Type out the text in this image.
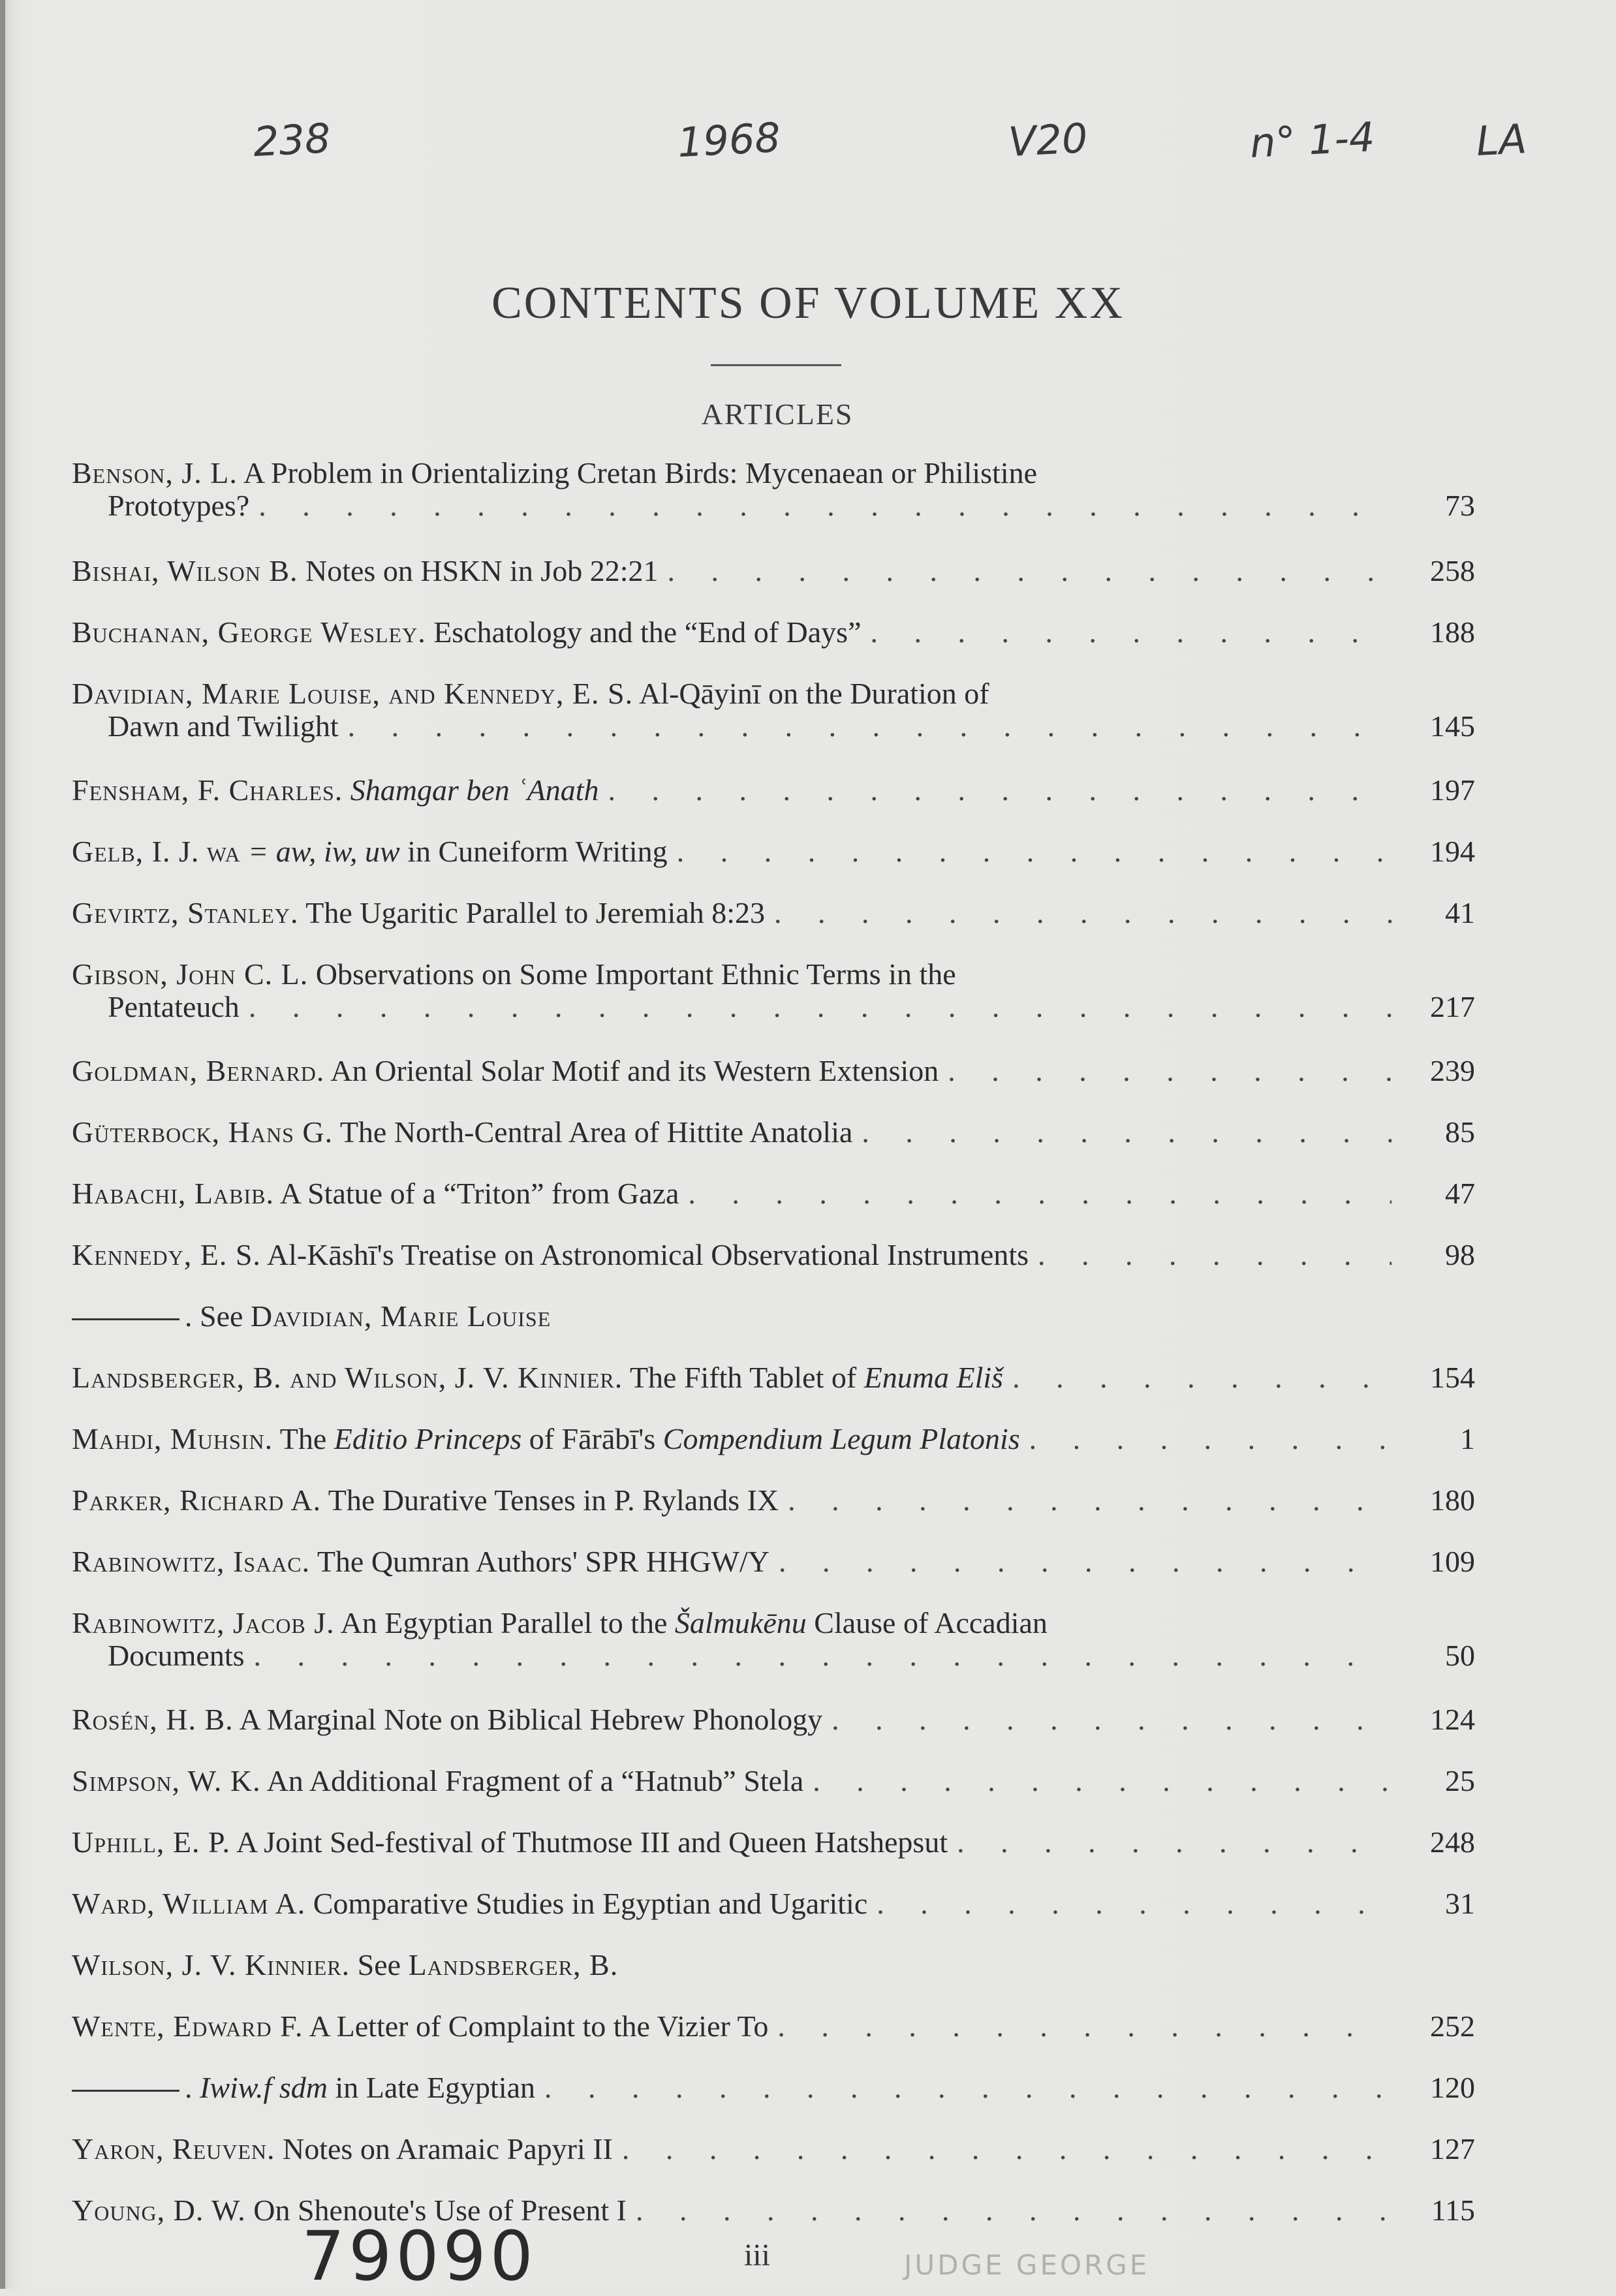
238	1968	V20	n° 1-4 LA
CONTENTS OF VOLUME XX
ARTICLES
Benson, J. L. A Problem in Orientalizing Cretan Birds: Mycenaean or Philistine
Prototypes? . . .	73
Bishai, Wilson B. Notes on HSKN in Job 22:21 . . .	258
Buchanan, George Wesley. Eschatology and the “End of Days” . . .	188
Davidian, Marie Louise, and Kennedy, E. S. Al-Qāyinī on the Duration of
Dawn and Twilight . . .	145
Fensham, F. Charles. Shamgar ben ʿAnath . . .	197
Gelb, I. J. wa = aw, iw, uw in Cuneiform Writing . . .	194
Gevirtz, Stanley. The Ugaritic Parallel to Jeremiah 8:23 . . .	41
Gibson, John C. L. Observations on Some Important Ethnic Terms in the
Pentateuch . . .	217
Goldman, Bernard. An Oriental Solar Motif and its Western Extension . . .	239
Güterbock, Hans G. The North-Central Area of Hittite Anatolia . . .	85
Habachi, Labib. A Statue of a “Triton” from Gaza . . .	47
Kennedy, E. S. Al-Kāshī's Treatise on Astronomical Observational Instruments . . .	98
. See Davidian, Marie Louise
Landsberger, B. and Wilson, J. V. Kinnier. The Fifth Tablet of Enuma Eliš . . .	154
Mahdi, Muhsin. The Editio Princeps of Fārābī's Compendium Legum Platonis . . .	1
Parker, Richard A. The Durative Tenses in P. Rylands IX . . .	180
Rabinowitz, Isaac. The Qumran Authors' SPR HHGW/Y . . .	109
Rabinowitz, Jacob J. An Egyptian Parallel to the Šalmukēnu Clause of Accadian
Documents . . .	50
Rosén, H. B. A Marginal Note on Biblical Hebrew Phonology . . .	124
Simpson, W. K. An Additional Fragment of a “Hatnub” Stela . . .	25
Uphill, E. P. A Joint Sed-festival of Thutmose III and Queen Hatshepsut . . .	248
Ward, William A. Comparative Studies in Egyptian and Ugaritic . . .	31
Wilson, J. V. Kinnier. See Landsberger, B.
Wente, Edward F. A Letter of Complaint to the Vizier To . . .	252
. Iwiw.f sdm in Late Egyptian . . .	120
Yaron, Reuven. Notes on Aramaic Papyri II . . .	127
Young, D. W. On Shenoute's Use of Present I . . .	115
79090	iii	JUDGE GEORGE
